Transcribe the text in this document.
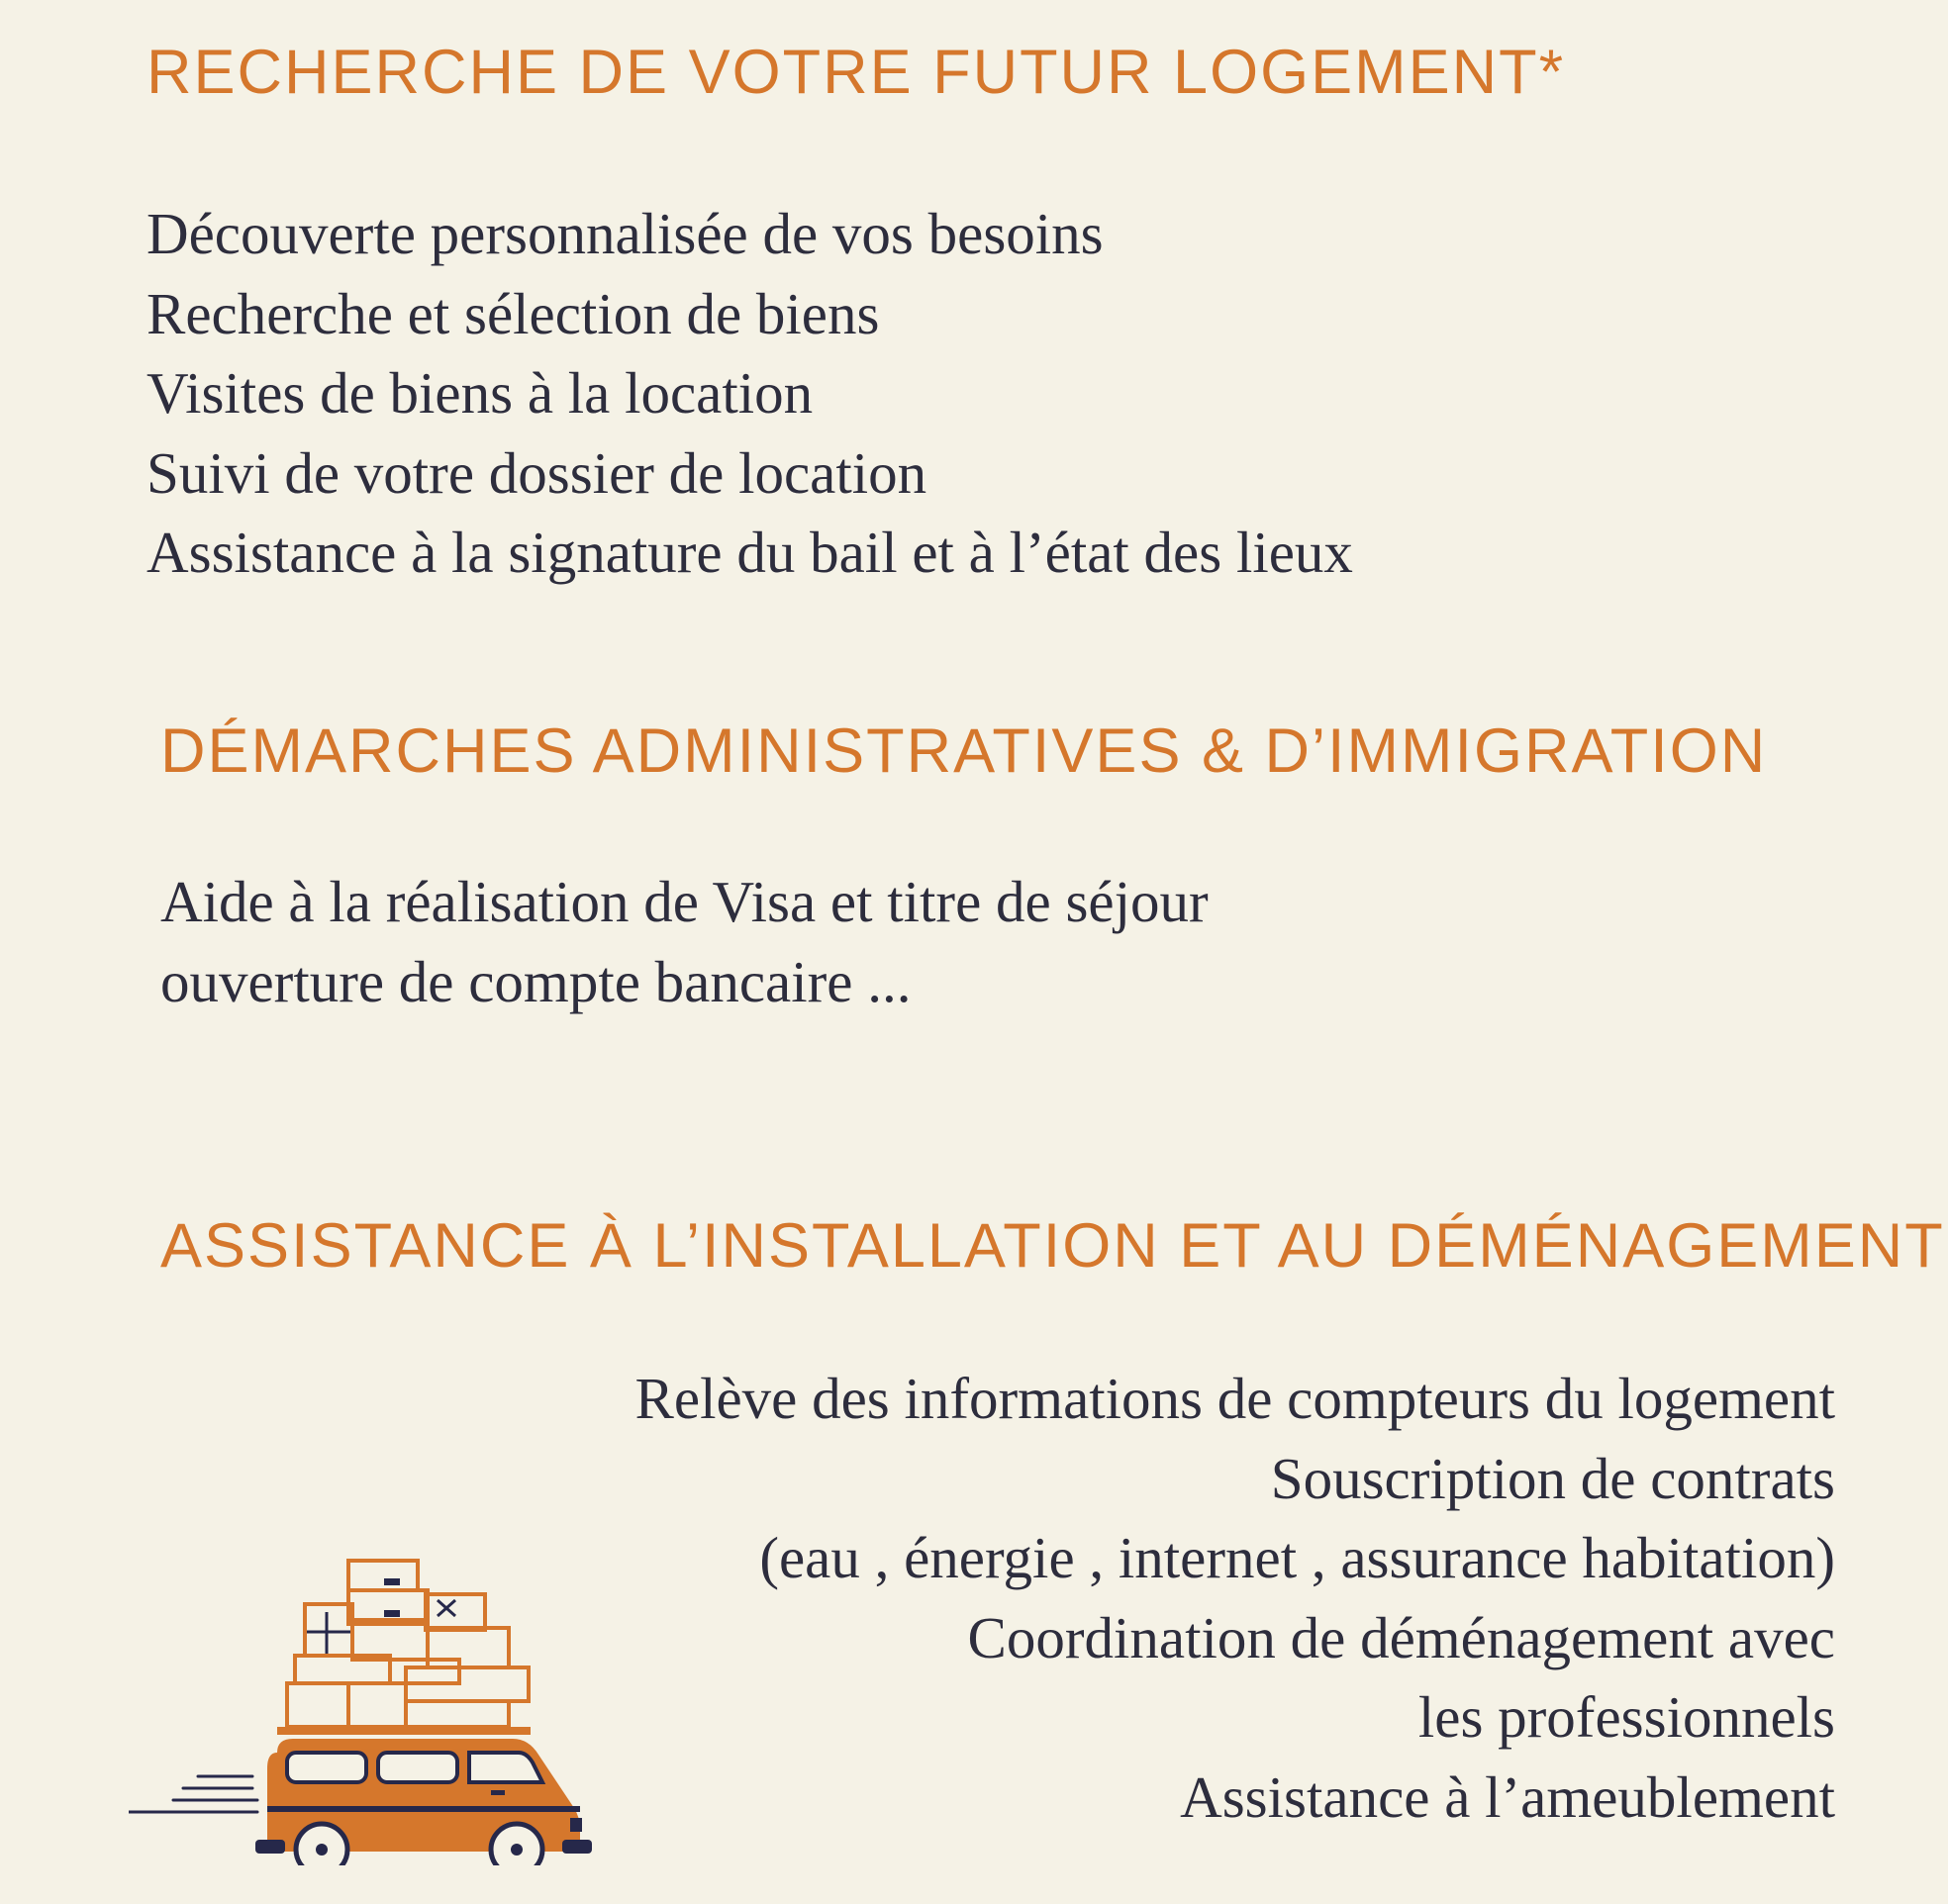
RECHERCHE DE VOTRE FUTUR LOGEMENT*
Découverte personnalisée de vos besoins
Recherche et sélection de biens
Visites de biens à la location
Suivi de votre dossier de location
Assistance à la signature du bail et à l’état des lieux
DÉMARCHES ADMINISTRATIVES & D’IMMIGRATION
Aide à la réalisation de Visa et titre de séjour
ouverture de compte bancaire ...
ASSISTANCE À L’INSTALLATION ET AU DÉMÉNAGEMENT
Relève des informations de compteurs du logement
Souscription de contrats
(eau , énergie , internet , assurance habitation)
Coordination de déménagement avec
les professionnels
Assistance à l’ameublement
